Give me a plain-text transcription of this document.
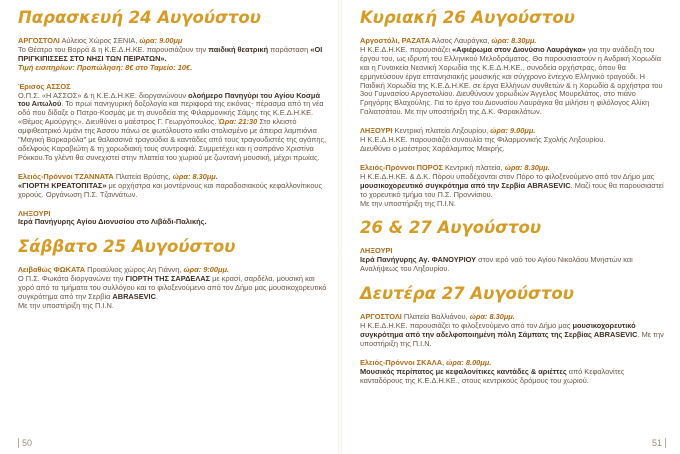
Παρασκευή 24 Αυγούστου

ΑΡΓΟΣΤΟΛΙ Αύλειος Χώρος ΣΕΝΙΑ, ώρα: 9.00μμ

Το Θέατρο του Βορρά & η Κ.Ε.Δ.Η.ΚΕ. παρουσιάζουν την παιδική θεατρική παράσταση «ΟΙ ΠΡΙΓΚΙΠΙΣΣΕΣ ΣΤΟ ΝΗΣΙ ΤΩΝ ΠΕΙΡΑΤΩΝ».

Τιμή εισιτηρίων: Προπώληση: 8€ στο Ταμείο: 10€.

Έρισος ΑΣΣΟΣ

Ο.Π.Σ. «Η ΑΣΣΟΣ» & η Κ.Ε.Δ.Η.ΚΕ. διοργανώνουν ολοήμερο Πανηγύρι του Αγίου Κοσμά του Αιτωλού. Το πρωί πανηγυρική δοξολογία και περιφορά της εικόνας- πέρασμα από τη νέα οδό που δίδαξε ο Πατρο-Κοσμάς με τη συνοδεία της Φιλαρμονικής Σάμης της Κ.Ε.Δ.Η.ΚΕ. «Θέμος Αμούργης». Διευθύνει ο μαέστρος Γ. Γεωργόπουλος. Ώρα: 21:30 Στο κλειστό αμφιθεατρικό λιμάνι της Άσσου πάνω σε φωτόλουστο καΐκι στολισμένο με άπειρα λαμπιόνια "Μαγική Βαρκαρόλα" με θαλασσινά τραγούδια & καντάδες από τους τραγουδιστές της αγάπης, αδελφούς Καραβιώτη & τη χορωδιακή τους συντροφιά. Συμμετέχει και η σοπράνο Χριστίνα Ρόκκου.Το γλέντι θα συνεχιστεί στην πλατεία του χωριού με ζωντανή μουσική, μέχρι πρωίας.

Ελειός-Πρόννοι ΤΖΑΝΝΑΤΑ Πλατεία Βρύσης, ώρα: 8.30μμ.

«ΓΙΟΡΤΗ ΚΡΕΑΤΟΠΙΤΑΣ» με ορχήστρα και μοντέρνους και παραδοσιακούς κεφαλλονίτικους χορούς. Οργάνωση Π.Σ. Τζαννάτων.

ΛΗΞΟΥΡΙ

Ιερά Πανήγυρης Αγίου Διονυσίου στο Λιβάδι-Παλικής.

Σάββατο 25 Αυγούστου

Λειβαθώς ΦΩΚΑΤΑ Προαύλιος χώρος Αη Γιάννη, ώρα: 9:00μμ.

Ο Π.Σ. Φωκάτα διοργανώνει την ΓΙΟΡΤΗ ΤΗΣ ΣΑΡΔΕΛΑΣ με κρασί, σαρδέλα, μουσική και χορό από τα τμήματα του συλλόγου και το φιλοξενούμενο από τον Δήμο μας μουσικοχορευτικό συγκρότημα από την Σερβία ABRASEVIC.

Με την υποστήριξη της Π.Ι.Ν.

50
Κυριακή 26 Αυγούστου

Αργοστόλι, ΡΑΖΑΤΑ Άλσος Λαυράγκα, ώρα: 8.30μμ.

Η Κ.Ε.Δ.Η.ΚΕ. παρουσιάζει «Αφιέρωμα στον Διονύσιο Λαυράγκα» για την ανάδειξη του έργου του, ως ιδρυτή του Ελληνικού Μελοδράματος. Θα παρουσιαστούν η Ανδρική Χορωδία και η Γυναικεία Νεανική Χορωδία της Κ.Ε.Δ.Η.ΚΕ., συνοδεία ορχήστρας, όπου θα ερμηνεύσουν έργα επτανησιακής μουσικής και σύγχρονο έντεχνο Ελληνικό τραγούδι. Η Παιδική Χορωδία της Κ.Ε.Δ.Η.ΚΕ. σε έργα Ελλήνων συνθετών & η Χορωδία & ορχήστρα του 3ου Γυμνασίου Αργοστολίου. Διευθύνουν χορωδιών Άγγελος Μουρελάτος, στο πιάνο Γρηγόρης Βλαχούλης. Για το έργο του Διονυσίου Λαυράγκα θα μιλήσει η φιλόλογος Αλίκη Γαλιατσάτου. Με την υποστήριξη της Δ.Κ. Φαρακλάτων.

ΛΗΞΟΥΡΙ Κεντρική πλατεία Ληξουρίου, ώρα: 9.00μμ.

Η Κ.Ε.Δ.Η.ΚΕ. παρουσιάζει συναυλία της Φιλαρμονικής Σχολής Ληξουρίου.

Διευθύνει ο μαέστρος Χαράλαμπος Μακρής.

Ελειός-Πρόννοι ΠΟΡΟΣ Κεντρική πλατεία, ώρα: 8.30μμ.

Η Κ.Ε.Δ.Η.ΚΕ. & Δ.Κ. Πόρου υποδέχονται στον Πόρο το φιλοξενούμενο από τον Δήμο μας μουσικοχορευτικό συγκρότημα από την Σερβία ABRASEVIC. Μαζί τους θα παρουσιαστεί το χορευτικό τμήμα του Π.Σ. Προννίσιου.

Με την υποστήριξη της Π.Ι.Ν.

26 & 27 Αυγούστου

ΛΗΞΟΥΡΙ

Ιερά Πανήγυρης Αγ. ΦΑΝΟΥΡΙΟΥ στον ιερό ναό του Αγίου Νικολάου Μνηστών και Αναλήψεως του Ληξουρίου.

Δευτέρα 27 Αυγούστου

ΑΡΓΟΣΤΟΛΙ Πλατεία Βαλλιάνου, ώρα: 8.30μμ.

Η Κ.Ε.Δ.Η.ΚΕ. παρουσιάζει το φιλοξενούμενο από τον Δήμο μας μουσικοχορευτικό συγκρότημα από την αδελφοποιημένη πόλη Σάμπατς της Σερβίας ABRASEVIC. Με την υποστήριξη της Π.Ι.Ν.

Ελειός-Πρόννοι ΣΚΑΛΑ, ώρα: 8.00μμ.

Μουσικός περίπατος με κεφαλονίτικες καντάδες & αριέττες από Κεφαλονίτες κανταδόρους της Κ.Ε.Δ.Η.ΚΕ., στους κεντρικούς δρόμους του χωριού.

51
